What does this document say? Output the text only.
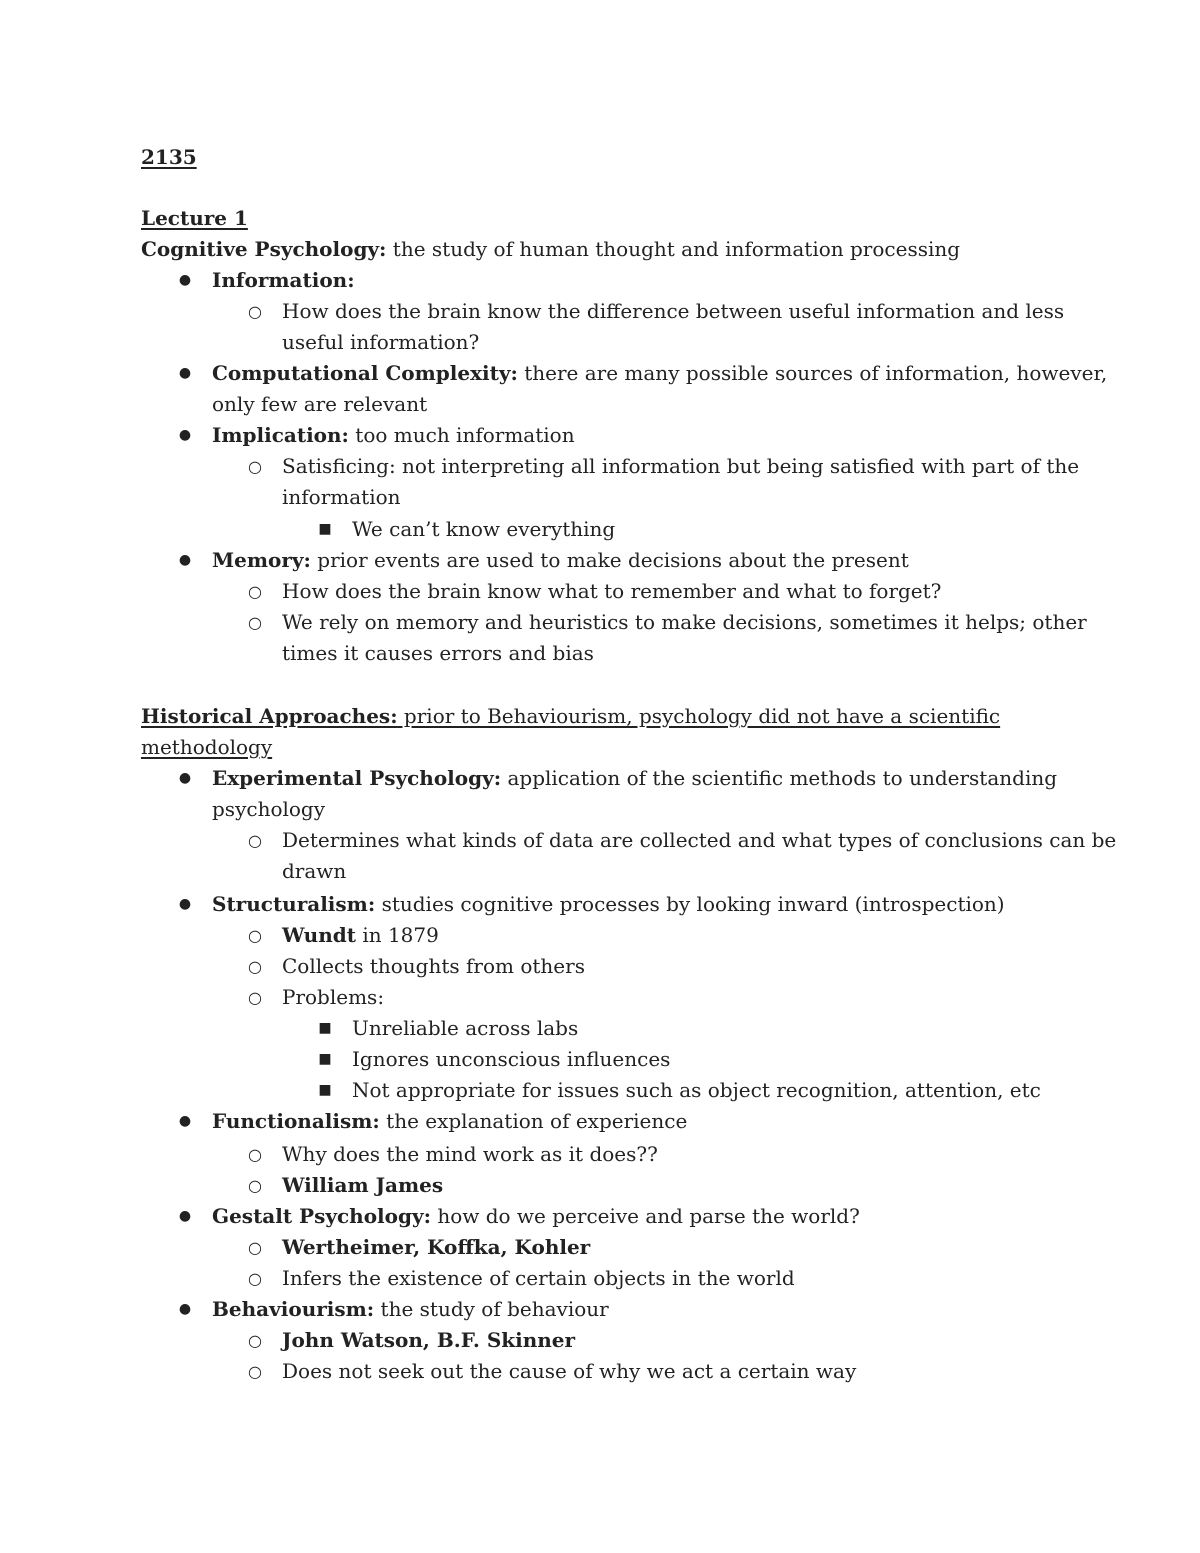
2135
Lecture 1
Cognitive Psychology: the study of human thought and information processing
● Information:
○ How does the brain know the difference between useful information and less
useful information?
● Computational Complexity: there are many possible sources of information, however,
only few are relevant
● Implication: too much information
○ Satisficing: not interpreting all information but being satisfied with part of the
information
■ We can’t know everything
● Memory: prior events are used to make decisions about the present
○ How does the brain know what to remember and what to forget?
○ We rely on memory and heuristics to make decisions, sometimes it helps; other
times it causes errors and bias
Historical Approaches: prior to Behaviourism, psychology did not have a scientific
methodology
● Experimental Psychology: application of the scientific methods to understanding
psychology
○ Determines what kinds of data are collected and what types of conclusions can be
drawn
● Structuralism: studies cognitive processes by looking inward (introspection)
○ Wundt in 1879
○ Collects thoughts from others
○ Problems:
■ Unreliable across labs
■ Ignores unconscious influences
■ Not appropriate for issues such as object recognition, attention, etc
● Functionalism: the explanation of experience
○ Why does the mind work as it does??
○ William James
● Gestalt Psychology: how do we perceive and parse the world?
○ Wertheimer, Koffka, Kohler
○ Infers the existence of certain objects in the world
● Behaviourism: the study of behaviour
○ John Watson, B.F. Skinner
○ Does not seek out the cause of why we act a certain way
